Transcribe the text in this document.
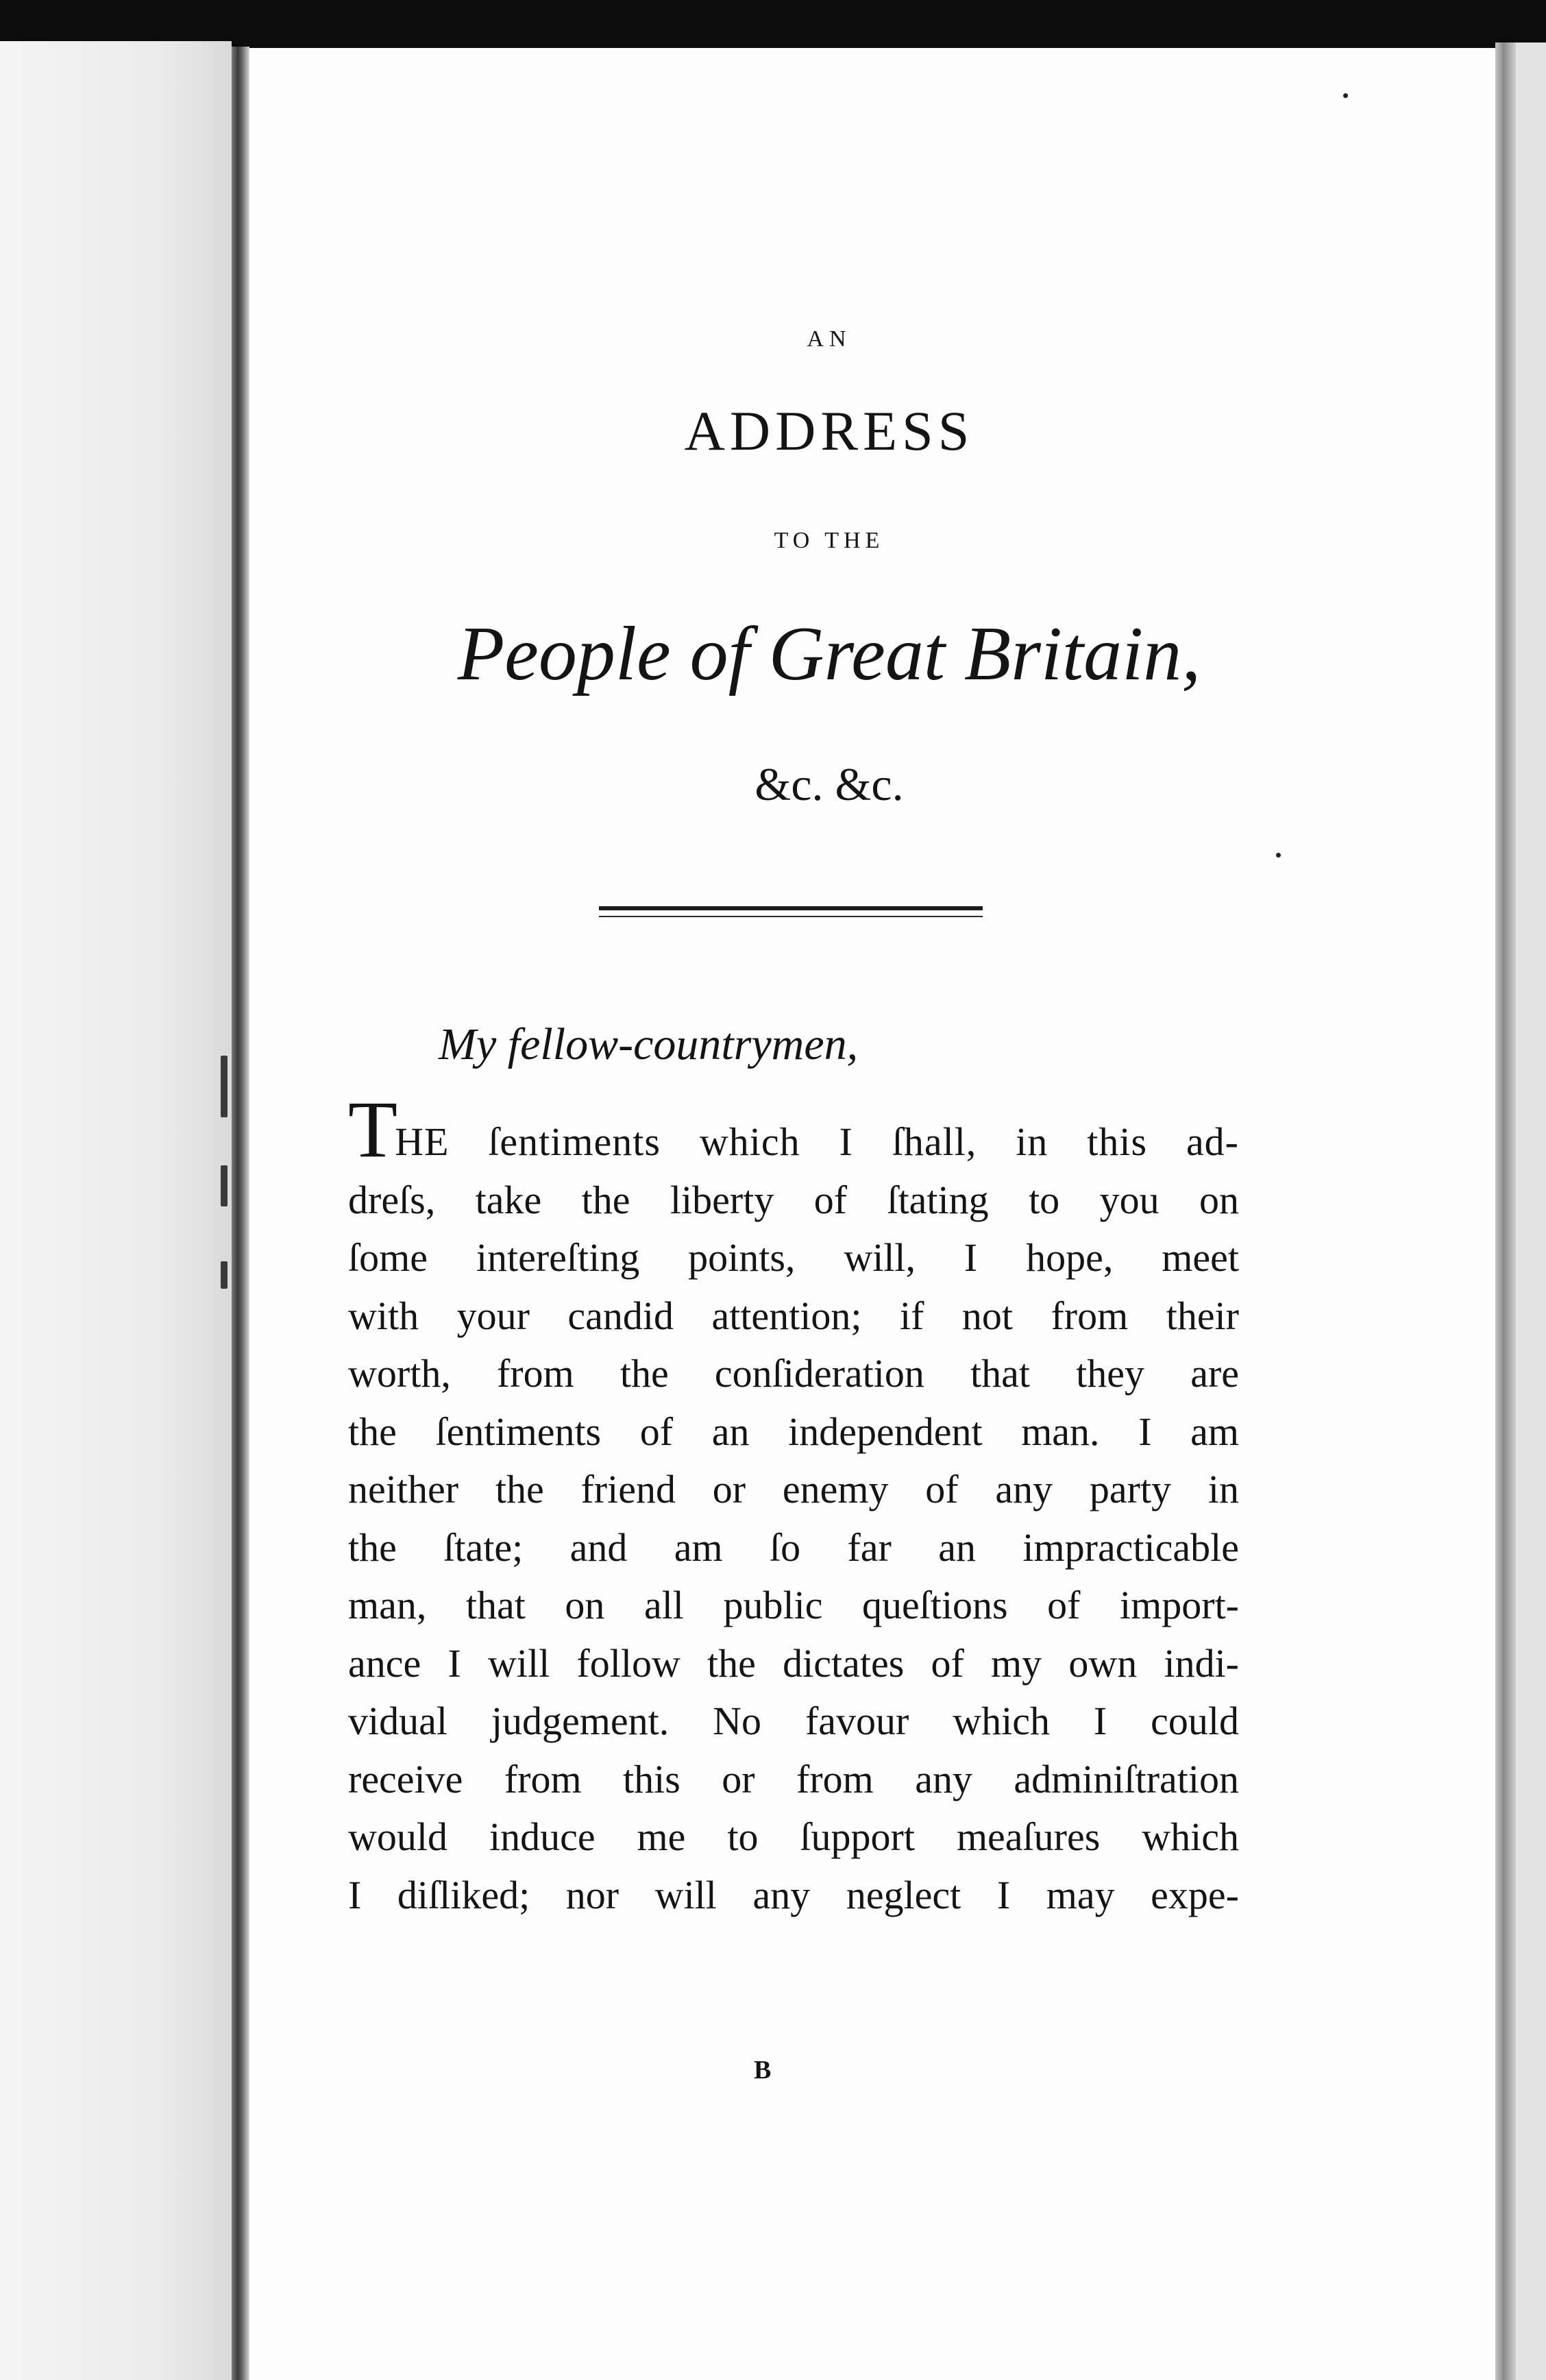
AN

ADDRESS

TO THE

People of Great Britain,

&c. &c.

My fellow-countrymen,

THE ſentiments which I ſhall, in this ad-
dreſs, take the liberty of ſtating to you on
ſome intereſting points, will, I hope, meet
with your candid attention; if not from their
worth, from the conſideration that they are
the ſentiments of an independent man. I am
neither the friend or enemy of any party in
the ſtate; and am ſo far an impracticable
man, that on all public queſtions of import-
ance I will follow the dictates of my own indi-
vidual judgement. No favour which I could
receive from this or from any adminiſtration
would induce me to ſupport meaſures which
I diſliked; nor will any neglect I may expe-

B
